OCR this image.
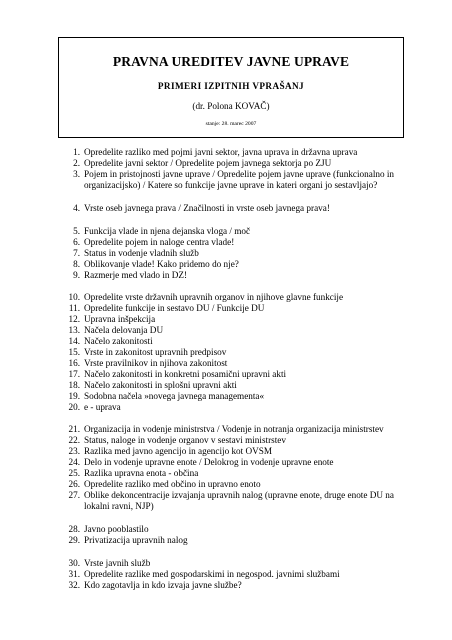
PRAVNA UREDITEV JAVNE UPRAVE
PRIMERI IZPITNIH VPRAŠANJ
(dr. Polona KOVAČ)
stanje: 28. marec 2007
1. Opredelite razliko med pojmi javni sektor, javna uprava in državna uprava
2. Opredelite javni sektor / Opredelite pojem javnega sektorja po ZJU
3. Pojem in pristojnosti javne uprave / Opredelite pojem javne uprave (funkcionalno in
organizacijsko) / Katere so funkcije javne uprave in kateri organi jo sestavljajo?
4. Vrste oseb javnega prava / Značilnosti in vrste oseb javnega prava!
5. Funkcija vlade in njena dejanska vloga / moč
6. Opredelite pojem in naloge centra vlade!
7. Status in vodenje vladnih služb
8. Oblikovanje vlade! Kako pridemo do nje?
9. Razmerje med vlado in DZ!
10. Opredelite vrste državnih upravnih organov in njihove glavne funkcije
11. Opredelite funkcije in sestavo DU / Funkcije DU
12. Upravna inšpekcija
13. Načela delovanja DU
14. Načelo zakonitosti
15. Vrste in zakonitost upravnih predpisov
16. Vrste pravilnikov in njihova zakonitost
17. Načelo zakonitosti in konkretni posamični upravni akti
18. Načelo zakonitosti in splošni upravni akti
19. Sodobna načela »novega javnega managementa«
20. e - uprava
21. Organizacija in vodenje ministrstva / Vodenje in notranja organizacija ministrstev
22. Status, naloge in vodenje organov v sestavi ministrstev
23. Razlika med javno agencijo in agencijo kot OVSM
24. Delo in vodenje upravne enote / Delokrog in vodenje upravne enote
25. Razlika upravna enota - občina
26. Opredelite razliko med občino in upravno enoto
27. Oblike dekoncentracije izvajanja upravnih nalog (upravne enote, druge enote DU na
lokalni ravni, NJP)
28. Javno pooblastilo
29. Privatizacija upravnih nalog
30. Vrste javnih služb
31. Opredelite razlike med gospodarskimi in negospod. javnimi službami
32. Kdo zagotavlja in kdo izvaja javne službe?
